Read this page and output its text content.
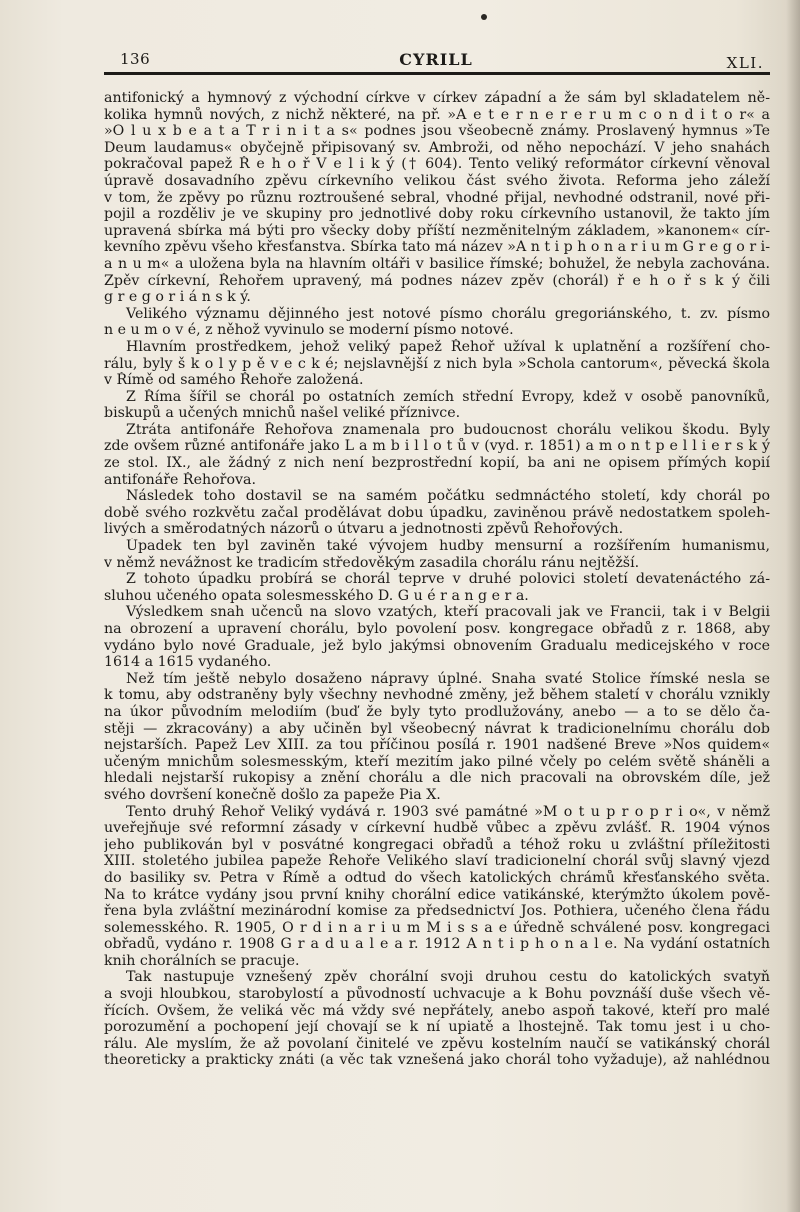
136	CYRILL	XLI.
antifonický a hymnový z východní církve v církev západní a že sám byl skladatelem ně-
kolika hymnů nových, z nichž některé, na př. »A e t e r n e r e r u m c o n d i t o r« a
»O l u x b e a t a T r i n i t a s« podnes jsou všeobecně známy. Proslavený hymnus »Te
Deum laudamus« obyčejně připisovaný sv. Ambroži, od něho nepochází. V jeho snahách
pokračoval papež Ř e h o ř V e l i k ý († 604). Tento veliký reformátor církevní věnoval
úpravě dosavadního zpěvu církevního velikou část svého života. Reforma jeho záleží
v tom, že zpěvy po různu roztroušené sebral, vhodné přijal, nevhodné odstranil, nové při-
pojil a rozděliv je ve skupiny pro jednotlivé doby roku církevního ustanovil, že takto jím
upravená sbírka má býti pro všecky doby příští nezměnitelným základem, »kanonem« cír-
kevního zpěvu všeho křesťanstva. Sbírka tato má název »A n t i p h o n a r i u m G r e g o r i-
a n u m« a uložena byla na hlavním oltáři v basilice římské; bohužel, že nebyla zachována.
Zpěv církevní, Řehořem upravený, má podnes název zpěv (chorál) ř e h o ř s k ý čili
g r e g o r i á n s k ý.
Velikého významu dějinného jest notové písmo chorálu gregoriánského, t. zv. písmo
n e u m o v é, z něhož vyvinulo se moderní písmo notové.
Hlavním prostředkem, jehož veliký papež Řehoř užíval k uplatnění a rozšíření cho-
rálu, byly š k o l y p ě v e c k é; nejslavnější z nich byla »Schola cantorum«, pěvecká škola
v Římě od samého Řehoře založená.
Z Říma šířil se chorál po ostatních zemích střední Evropy, kdež v osobě panovníků,
biskupů a učených mnichů našel veliké příznivce.
Ztráta antifonáře Řehořova znamenala pro budoucnost chorálu velikou škodu. Byly
zde ovšem různé antifonáře jako L a m b i l l o t ů v (vyd. r. 1851) a m o n t p e l l i e r s k ý
ze stol. IX., ale žádný z nich není bezprostřední kopií, ba ani ne opisem přímých kopií
antifonáře Řehořova.
Následek toho dostavil se na samém počátku sedmnáctého století, kdy chorál po
době svého rozkvětu začal prodělávat dobu úpadku, zaviněnou právě nedostatkem spoleh-
livých a směrodatných názorů o útvaru a jednotnosti zpěvů Řehořových.
Úpadek ten byl zaviněn také vývojem hudby mensurní a rozšířením humanismu,
v němž nevážnost ke tradicím středověkým zasadila chorálu ránu nejtěžší.
Z tohoto úpadku probírá se chorál teprve v druhé polovici století devatenáctého zá-
sluhou učeného opata solesmesského D. G u é r a n g e r a.
Výsledkem snah učenců na slovo vzatých, kteří pracovali jak ve Francii, tak i v Belgii
na obrození a upravení chorálu, bylo povolení posv. kongregace obřadů z r. 1868, aby
vydáno bylo nové Graduale, jež bylo jakýmsi obnovením Gradualu medicejského v roce
1614 a 1615 vydaného.
Než tím ještě nebylo dosaženo nápravy úplné. Snaha svaté Stolice římské nesla se
k tomu, aby odstraněny byly všechny nevhodné změny, jež během staletí v chorálu vznikly
na úkor původním melodiím (buď že byly tyto prodlužovány, anebo — a to se dělo ča-
stěji — zkracovány) a aby učiněn byl všeobecný návrat k tradicionelnímu chorálu dob
nejstarších. Papež Lev XIII. za tou příčinou posílá r. 1901 nadšené Breve »Nos quidem«
učeným mnichům solesmesským, kteří mezitím jako pilné včely po celém světě sháněli a
hledali nejstarší rukopisy a znění chorálu a dle nich pracovali na obrovském díle, jež
svého dovršení konečně došlo za papeže Pia X.
Tento druhý Řehoř Veliký vydává r. 1903 své památné »M o t u p r o p r i o«, v němž
uveřejňuje své reformní zásady v církevní hudbě vůbec a zpěvu zvlášť. R. 1904 výnos
jeho publikován byl v posvátné kongregaci obřadů a téhož roku u zvláštní příležitosti
XIII. stoletého jubilea papeže Řehoře Velikého slaví tradicionelní chorál svůj slavný vjezd
do basiliky sv. Petra v Římě a odtud do všech katolických chrámů křesťanského světa.
Na to krátce vydány jsou první knihy chorální edice vatikánské, kterýmžto úkolem pově-
řena byla zvláštní mezinárodní komise za předsednictví Jos. Pothiera, učeného člena řádu
solemesského. R. 1905, O r d i n a r i u m M i s s a e úředně schválené posv. kongregaci
obřadů, vydáno r. 1908 G r a d u a l e a r. 1912 A n t i p h o n a l e. Na vydání ostatních
knih chorálních se pracuje.
Tak nastupuje vznešený zpěv chorální svoji druhou cestu do katolických svatyň
a svoji hloubkou, starobylostí a původností uchvacuje a k Bohu povznáší duše všech vě-
řících. Ovšem, že veliká věc má vždy své nepřátely, anebo aspoň takové, kteří pro malé
porozumění a pochopení její chovají se k ní upiatě a lhostejně. Tak tomu jest i u cho-
rálu. Ale myslím, že až povolaní činitelé ve zpěvu kostelním naučí se vatikánský chorál
theoreticky a prakticky znáti (a věc tak vznešená jako chorál toho vyžaduje), až nahlédnou
